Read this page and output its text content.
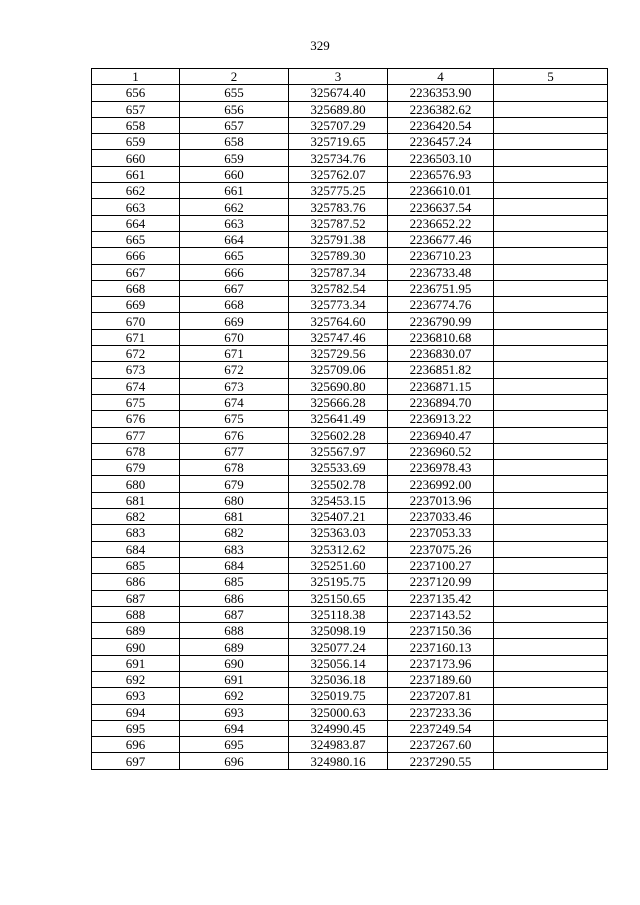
329
1	2	3	4	5
656	655	325674.40	2236353.90	
657	656	325689.80	2236382.62	
658	657	325707.29	2236420.54	
659	658	325719.65	2236457.24	
660	659	325734.76	2236503.10	
661	660	325762.07	2236576.93	
662	661	325775.25	2236610.01	
663	662	325783.76	2236637.54	
664	663	325787.52	2236652.22	
665	664	325791.38	2236677.46	
666	665	325789.30	2236710.23	
667	666	325787.34	2236733.48	
668	667	325782.54	2236751.95	
669	668	325773.34	2236774.76	
670	669	325764.60	2236790.99	
671	670	325747.46	2236810.68	
672	671	325729.56	2236830.07	
673	672	325709.06	2236851.82	
674	673	325690.80	2236871.15	
675	674	325666.28	2236894.70	
676	675	325641.49	2236913.22	
677	676	325602.28	2236940.47	
678	677	325567.97	2236960.52	
679	678	325533.69	2236978.43	
680	679	325502.78	2236992.00	
681	680	325453.15	2237013.96	
682	681	325407.21	2237033.46	
683	682	325363.03	2237053.33	
684	683	325312.62	2237075.26	
685	684	325251.60	2237100.27	
686	685	325195.75	2237120.99	
687	686	325150.65	2237135.42	
688	687	325118.38	2237143.52	
689	688	325098.19	2237150.36	
690	689	325077.24	2237160.13	
691	690	325056.14	2237173.96	
692	691	325036.18	2237189.60	
693	692	325019.75	2237207.81	
694	693	325000.63	2237233.36	
695	694	324990.45	2237249.54	
696	695	324983.87	2237267.60	
697	696	324980.16	2237290.55	
